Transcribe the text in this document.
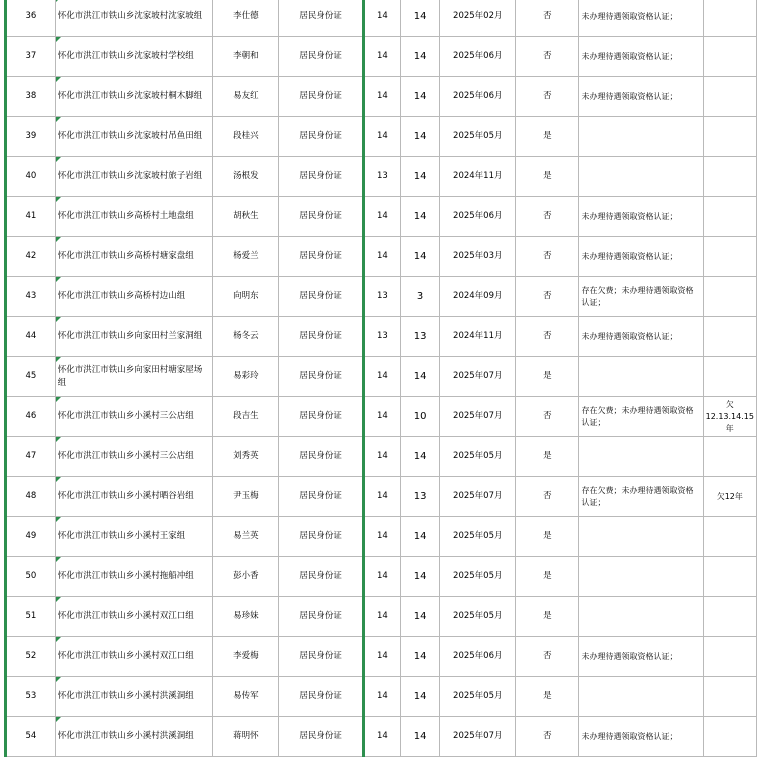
36	怀化市洪江市铁山乡沈家坡村沈家坡组	李仕德	居民身份证	14	14	2025年02月	否	未办理待遇领取资格认证；	
37	怀化市洪江市铁山乡沈家坡村学校组	李朝和	居民身份证	14	14	2025年06月	否	未办理待遇领取资格认证；	
38	怀化市洪江市铁山乡沈家坡村桐木脚组	易友红	居民身份证	14	14	2025年06月	否	未办理待遇领取资格认证；	
39	怀化市洪江市铁山乡沈家坡村吊鱼田组	段桂兴	居民身份证	14	14	2025年05月	是		
40	怀化市洪江市铁山乡沈家坡村旅子岩组	汤根发	居民身份证	13	14	2024年11月	是		
41	怀化市洪江市铁山乡高桥村土地盘组	胡秋生	居民身份证	14	14	2025年06月	否	未办理待遇领取资格认证；	
42	怀化市洪江市铁山乡高桥村塘家盘组	杨爱兰	居民身份证	14	14	2025年03月	否	未办理待遇领取资格认证；	
43	怀化市洪江市铁山乡高桥村边山组	向明东	居民身份证	13	3	2024年09月	否	存在欠费；未办理待遇领取资格认证；	
44	怀化市洪江市铁山乡向家田村兰家洞组	杨冬云	居民身份证	13	13	2024年11月	否	未办理待遇领取资格认证；	
45	怀化市洪江市铁山乡向家田村塘家屋场组	易彩玲	居民身份证	14	14	2025年07月	是		
46	怀化市洪江市铁山乡小溪村三公店组	段吉生	居民身份证	14	10	2025年07月	否	存在欠费；未办理待遇领取资格认证；	欠12.13.14.15年
47	怀化市洪江市铁山乡小溪村三公店组	刘秀英	居民身份证	14	14	2025年05月	是		
48	怀化市洪江市铁山乡小溪村晒谷岩组	尹玉梅	居民身份证	14	13	2025年07月	否	存在欠费；未办理待遇领取资格认证；	欠12年
49	怀化市洪江市铁山乡小溪村王家组	易兰英	居民身份证	14	14	2025年05月	是		
50	怀化市洪江市铁山乡小溪村拖船冲组	彭小香	居民身份证	14	14	2025年05月	是		
51	怀化市洪江市铁山乡小溪村双江口组	易珍妹	居民身份证	14	14	2025年05月	是		
52	怀化市洪江市铁山乡小溪村双江口组	李爱梅	居民身份证	14	14	2025年06月	否	未办理待遇领取资格认证；	
53	怀化市洪江市铁山乡小溪村洪溪洞组	易传军	居民身份证	14	14	2025年05月	是		
54	怀化市洪江市铁山乡小溪村洪溪洞组	蒋明怀	居民身份证	14	14	2025年07月	否	未办理待遇领取资格认证；	
